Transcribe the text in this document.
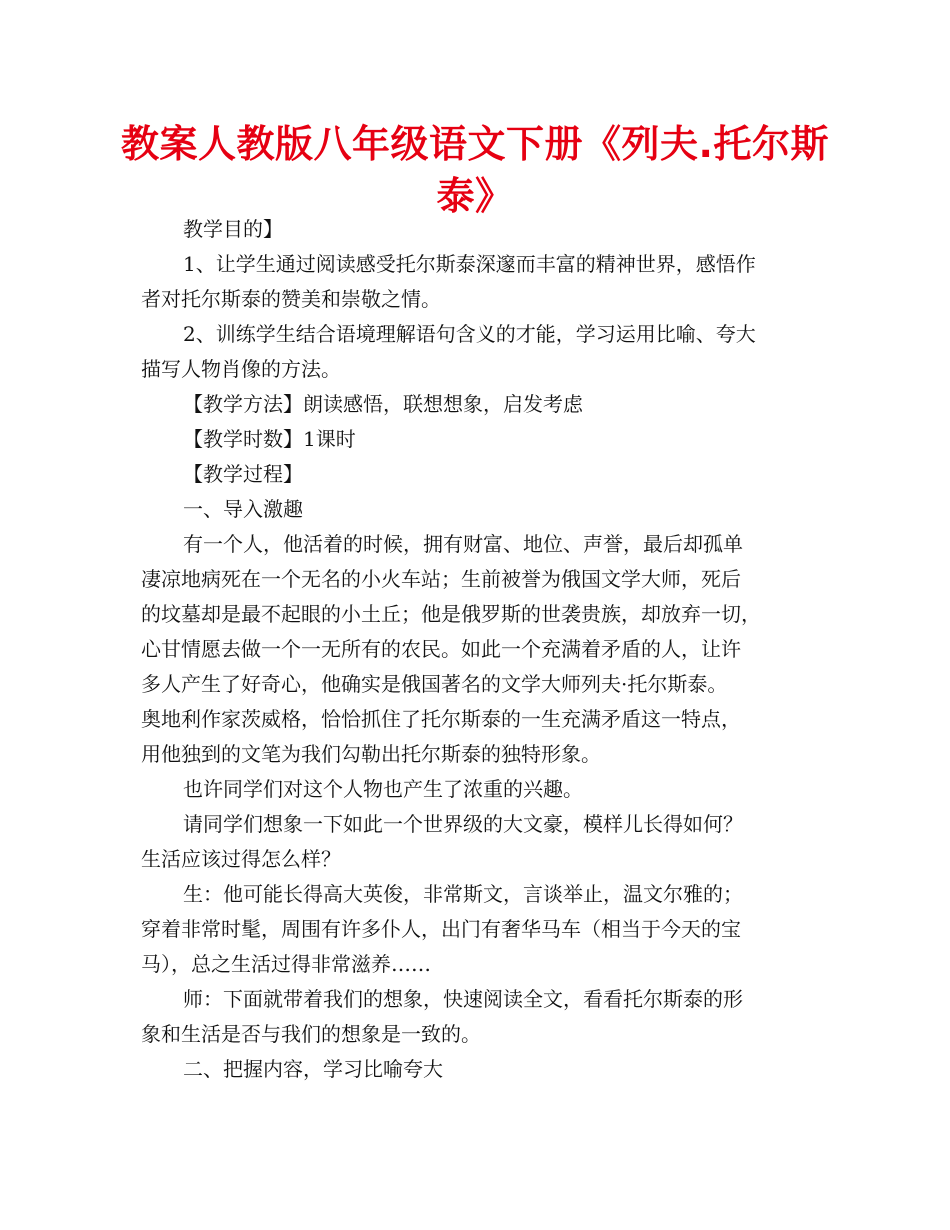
教案人教版八年级语文下册《列夫.托尔斯泰》
教学目的】
1、让学生通过阅读感受托尔斯泰深邃而丰富的精神世界，感悟作
者对托尔斯泰的赞美和崇敬之情。
2、训练学生结合语境理解语句含义的才能，学习运用比喻、夸大
描写人物肖像的方法。
【教学方法】朗读感悟，联想想象，启发考虑
【教学时数】1课时
【教学过程】
一、导入激趣
有一个人，他活着的时候，拥有财富、地位、声誉，最后却孤单
凄凉地病死在一个无名的小火车站；生前被誉为俄国文学大师，死后
的坟墓却是最不起眼的小土丘；他是俄罗斯的世袭贵族，却放弃一切，
心甘情愿去做一个一无所有的农民。如此一个充满着矛盾的人，让许
多人产生了好奇心，他确实是俄国著名的文学大师列夫·托尔斯泰。
奥地利作家茨威格，恰恰抓住了托尔斯泰的一生充满矛盾这一特点，
用他独到的文笔为我们勾勒出托尔斯泰的独特形象。
也许同学们对这个人物也产生了浓重的兴趣。
请同学们想象一下如此一个世界级的大文豪，模样儿长得如何？
生活应该过得怎么样？
生：他可能长得高大英俊，非常斯文，言谈举止，温文尔雅的；
穿着非常时髦，周围有许多仆人，出门有奢华马车（相当于今天的宝
马），总之生活过得非常滋养……
师：下面就带着我们的想象，快速阅读全文，看看托尔斯泰的形
象和生活是否与我们的想象是一致的。
二、把握内容，学习比喻夸大
